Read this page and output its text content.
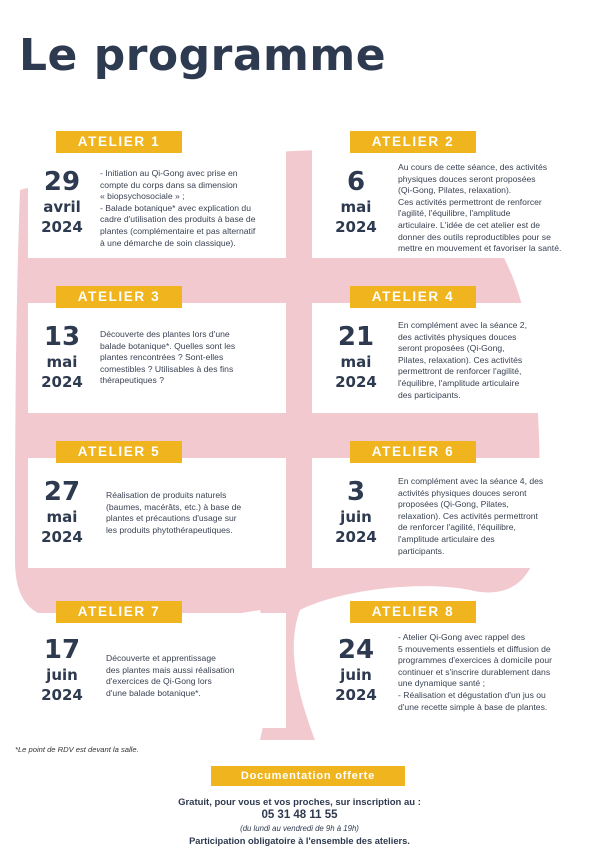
Le programme
ATELIER 1	ATELIER 2
ATELIER 3	ATELIER 4
ATELIER 5	ATELIER 6
ATELIER 7	ATELIER 8
29
avril
2024
6
mai
2024
13
mai
2024
21
mai
2024
27
mai
2024
3
juin
2024
17
juin
2024
24
juin
2024
- Initiation au Qi-Gong avec prise en
compte du corps dans sa dimension
« biopsychosociale » ;
- Balade botanique* avec explication du
cadre d'utilisation des produits à base de
plantes (complémentaire et pas alternatif
à une démarche de soin classique).
Au cours de cette séance, des activités
physiques douces seront proposées
(Qi-Gong, Pilates, relaxation).
Ces activités permettront de renforcer
l'agilité, l'équilibre, l'amplitude
articulaire. L'idée de cet atelier est de
donner des outils reproductibles pour se
mettre en mouvement et favoriser la santé.
Découverte des plantes lors d'une
balade botanique*. Quelles sont les
plantes rencontrées ? Sont-elles
comestibles ? Utilisables à des fins
thérapeutiques ?
En complément avec la séance 2,
des activités physiques douces
seront proposées (Qi-Gong,
Pilates, relaxation). Ces activités
permettront de renforcer l'agilité,
l'équilibre, l'amplitude articulaire
des participants.
Réalisation de produits naturels
(baumes, macérâts, etc.) à base de
plantes et précautions d'usage sur
les produits phytothérapeutiques.
En complément avec la séance 4, des
activités physiques douces seront
proposées (Qi-Gong, Pilates,
relaxation). Ces activités permettront
de renforcer l'agilité, l'équilibre,
l'amplitude articulaire des
participants.
Découverte et apprentissage
des plantes mais aussi réalisation
d'exercices de Qi-Gong lors
d'une balade botanique*.
- Atelier Qi-Gong avec rappel des
5 mouvements essentiels et diffusion de
programmes d'exercices à domicile pour
continuer et s'inscrire durablement dans
une dynamique santé ;
- Réalisation et dégustation d'un jus ou
d'une recette simple à base de plantes.
*Le point de RDV est devant la salle.
Documentation offerte
Gratuit, pour vous et vos proches, sur inscription au :
05 31 48 11 55
(du lundi au vendredi de 9h à 19h)
Participation obligatoire à l'ensemble des ateliers.
